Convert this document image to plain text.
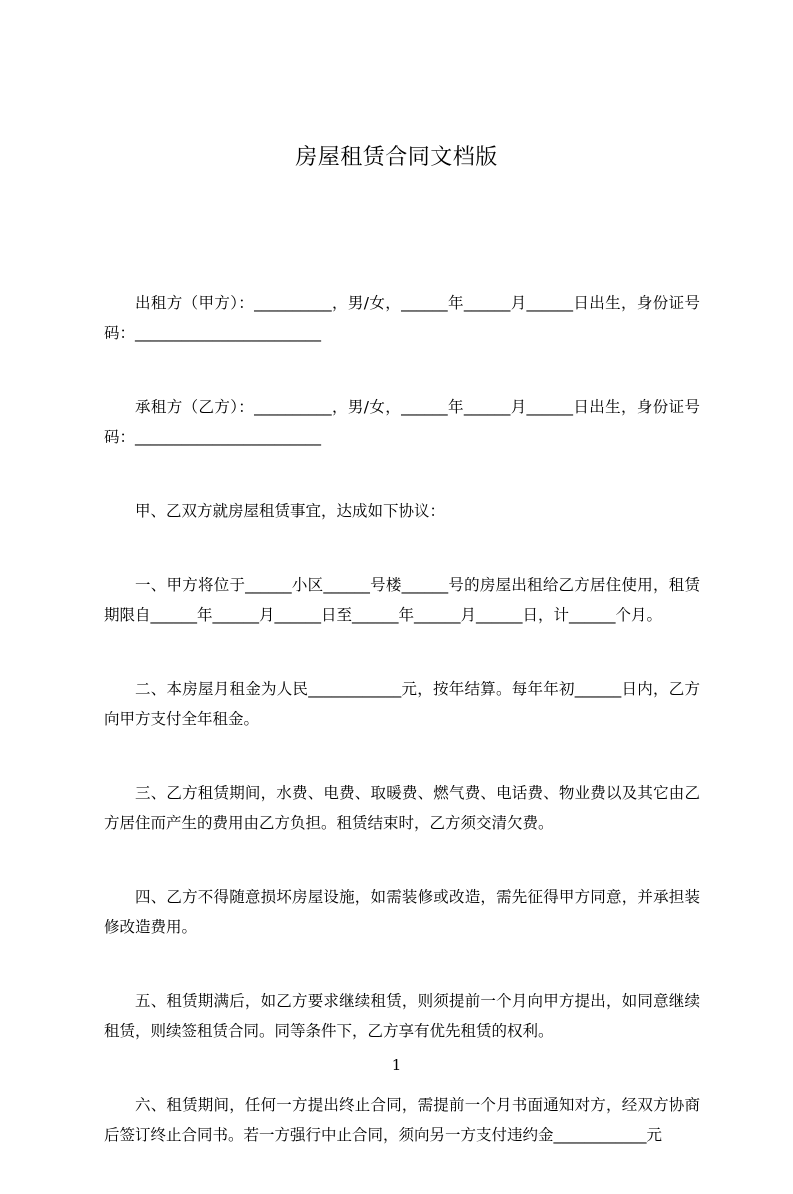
房屋租赁合同文档版

出租方（甲方）：__________，男/女，______年______月______日出生，身份证号码：________________________

承租方（乙方）：__________，男/女，______年______月______日出生，身份证号码：________________________

甲、乙双方就房屋租赁事宜，达成如下协议：

一、甲方将位于______小区______号楼______号的房屋出租给乙方居住使用，租赁期限自______年______月______日至______年______月______日，计______个月。

二、本房屋月租金为人民____________元，按年结算。每年年初______日内，乙方向甲方支付全年租金。

三、乙方租赁期间，水费、电费、取暖费、燃气费、电话费、物业费以及其它由乙方居住而产生的费用由乙方负担。租赁结束时，乙方须交清欠费。

四、乙方不得随意损坏房屋设施，如需装修或改造，需先征得甲方同意，并承担装修改造费用。

五、租赁期满后，如乙方要求继续租赁，则须提前一个月向甲方提出，如同意继续租赁，则续签租赁合同。同等条件下，乙方享有优先租赁的权利。

六、租赁期间，任何一方提出终止合同，需提前一个月书面通知对方，经双方协商后签订终止合同书。若一方强行中止合同，须向另一方支付违约金____________元

1
